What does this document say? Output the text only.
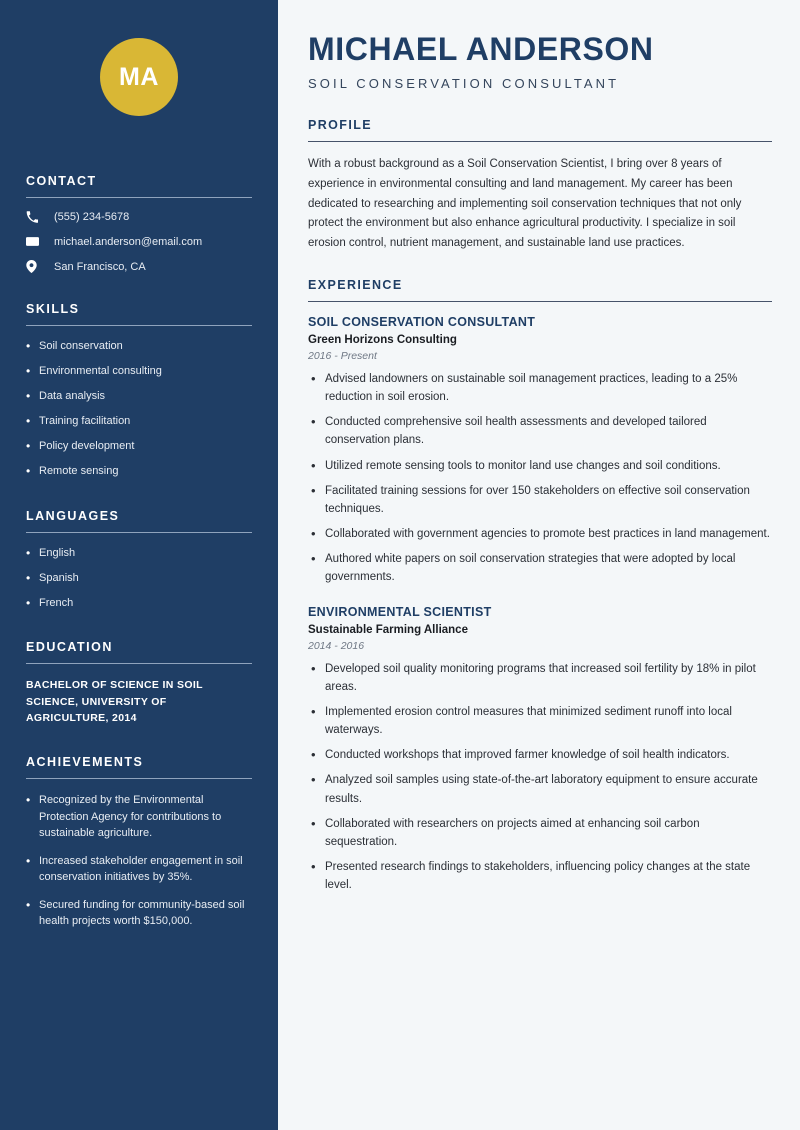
MA
CONTACT
(555) 234-5678
michael.anderson@email.com
San Francisco, CA
SKILLS
• Soil conservation
• Environmental consulting
• Data analysis
• Training facilitation
• Policy development
• Remote sensing
LANGUAGES
• English
• Spanish
• French
EDUCATION
BACHELOR OF SCIENCE IN SOIL SCIENCE, UNIVERSITY OF AGRICULTURE, 2014
ACHIEVEMENTS
• Recognized by the Environmental Protection Agency for contributions to sustainable agriculture.
• Increased stakeholder engagement in soil conservation initiatives by 35%.
• Secured funding for community-based soil health projects worth $150,000.
MICHAEL ANDERSON
SOIL CONSERVATION CONSULTANT
PROFILE

With a robust background as a Soil Conservation Scientist, I bring over 8 years of experience in environmental consulting and land management. My career has been dedicated to researching and implementing soil conservation techniques that not only protect the environment but also enhance agricultural productivity. I specialize in soil erosion control, nutrient management, and sustainable land use practices.

EXPERIENCE
SOIL CONSERVATION CONSULTANT
Green Horizons Consulting
2016 - Present
• Advised landowners on sustainable soil management practices, leading to a 25% reduction in soil erosion.
• Conducted comprehensive soil health assessments and developed tailored conservation plans.
• Utilized remote sensing tools to monitor land use changes and soil conditions.
• Facilitated training sessions for over 150 stakeholders on effective soil conservation techniques.
• Collaborated with government agencies to promote best practices in land management.
• Authored white papers on soil conservation strategies that were adopted by local governments.
ENVIRONMENTAL SCIENTIST
Sustainable Farming Alliance
2014 - 2016
• Developed soil quality monitoring programs that increased soil fertility by 18% in pilot areas.
• Implemented erosion control measures that minimized sediment runoff into local waterways.
• Conducted workshops that improved farmer knowledge of soil health indicators.
• Analyzed soil samples using state-of-the-art laboratory equipment to ensure accurate results.
• Collaborated with researchers on projects aimed at enhancing soil carbon sequestration.
• Presented research findings to stakeholders, influencing policy changes at the state level.
